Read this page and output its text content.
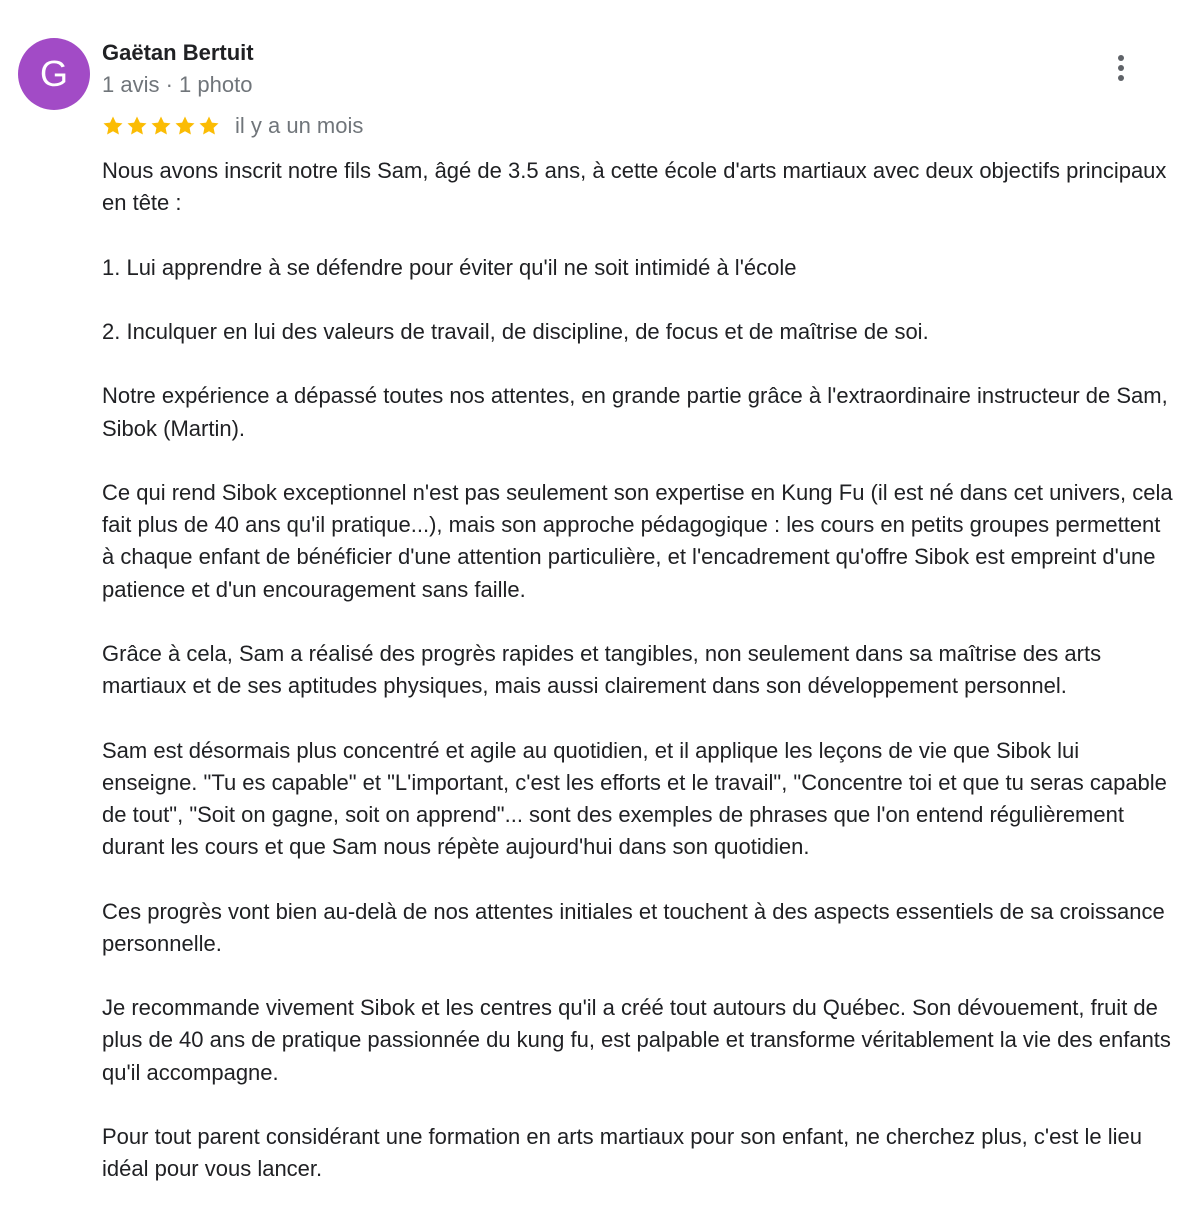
G
Gaëtan Bertuit
1 avis · 1 photo
il y a un mois

Nous avons inscrit notre fils Sam, âgé de 3.5 ans, à cette école d'arts martiaux avec deux objectifs principaux en tête :

1. Lui apprendre à se défendre pour éviter qu'il ne soit intimidé à l'école

2. Inculquer en lui des valeurs de travail, de discipline, de focus et de maîtrise de soi.

Notre expérience a dépassé toutes nos attentes, en grande partie grâce à l'extraordinaire instructeur de Sam, Sibok (Martin).

Ce qui rend Sibok exceptionnel n'est pas seulement son expertise en Kung Fu (il est né dans cet univers, cela fait plus de 40 ans qu'il pratique...), mais son approche pédagogique : les cours en petits groupes permettent à chaque enfant de bénéficier d'une attention particulière, et l'encadrement qu'offre Sibok est empreint d'une patience et d'un encouragement sans faille.

Grâce à cela, Sam a réalisé des progrès rapides et tangibles, non seulement dans sa maîtrise des arts martiaux et de ses aptitudes physiques, mais aussi clairement dans son développement personnel.

Sam est désormais plus concentré et agile au quotidien, et il applique les leçons de vie que Sibok lui enseigne. "Tu es capable" et "L'important, c'est les efforts et le travail", "Concentre toi et que tu seras capable de tout", "Soit on gagne, soit on apprend"... sont des exemples de phrases que l'on entend régulièrement durant les cours et que Sam nous répète aujourd'hui dans son quotidien.

Ces progrès vont bien au-delà de nos attentes initiales et touchent à des aspects essentiels de sa croissance personnelle.

Je recommande vivement Sibok et les centres qu'il a créé tout autours du Québec. Son dévouement, fruit de plus de 40 ans de pratique passionnée du kung fu, est palpable et transforme véritablement la vie des enfants qu'il accompagne.

Pour tout parent considérant une formation en arts martiaux pour son enfant, ne cherchez plus, c'est le lieu idéal pour vous lancer.
